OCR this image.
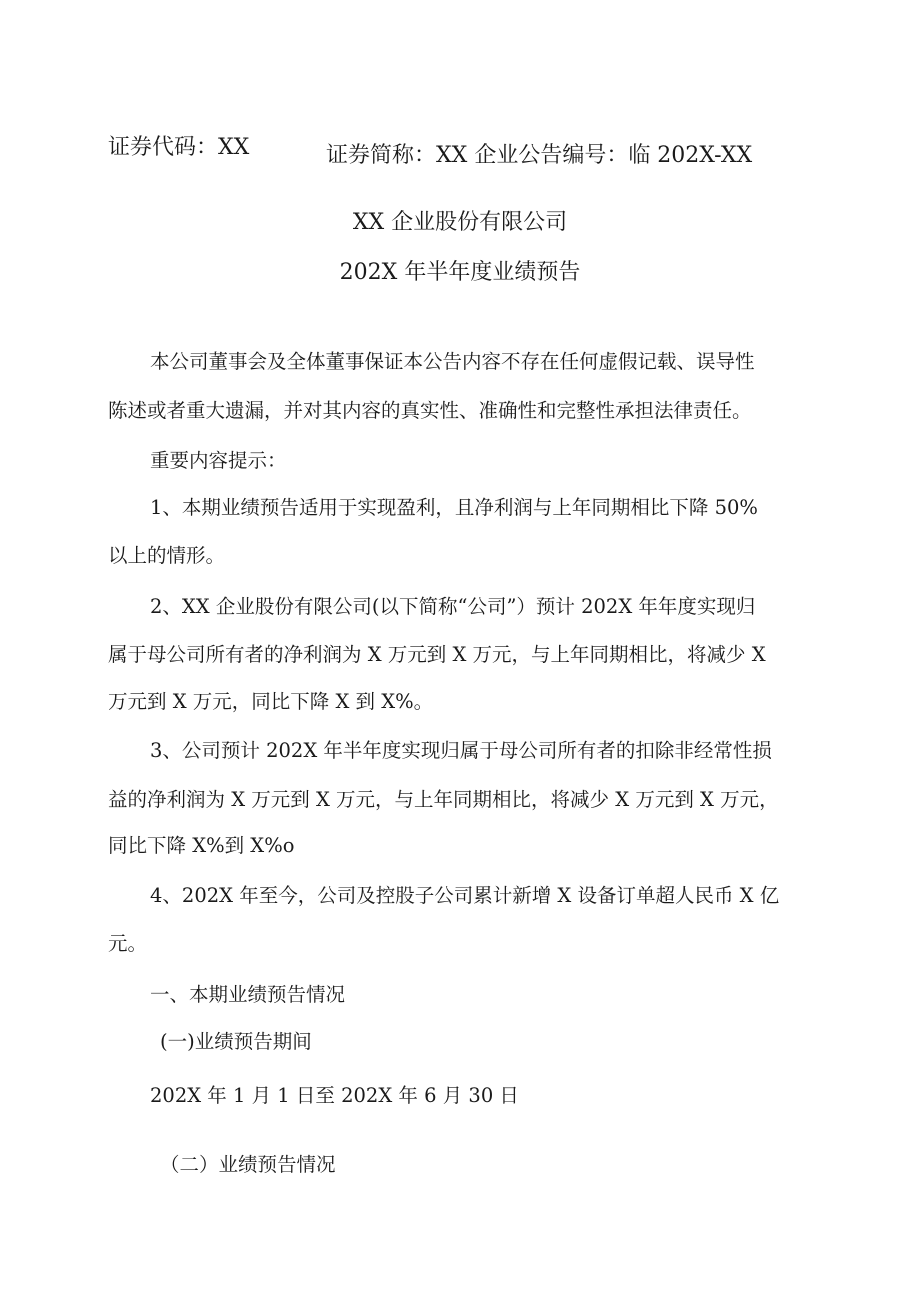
证券代码：XX	证券简称：XX 企业公告编号：临 202X-XX
XX 企业股份有限公司
202X 年半年度业绩预告
本公司董事会及全体董事保证本公告内容不存在任何虚假记载、误导性
陈述或者重大遗漏，并对其内容的真实性、准确性和完整性承担法律责任。
重要内容提示：
1、本期业绩预告适用于实现盈利，且净利润与上年同期相比下降 50%
以上的情形。
2、XX 企业股份有限公司(以下简称“公司”）预计 202X 年年度实现归
属于母公司所有者的净利润为 X 万元到 X 万元，与上年同期相比，将减少 X
万元到 X 万元，同比下降 X 到 X%。
3、公司预计 202X 年半年度实现归属于母公司所有者的扣除非经常性损
益的净利润为 X 万元到 X 万元，与上年同期相比，将减少 X 万元到 X 万元，
同比下降 X%到 X%o
4、202X 年至今，公司及控股子公司累计新增 X 设备订单超人民币 X 亿
元。
一、本期业绩预告情况
(一)业绩预告期间
202X 年 1 月 1 日至 202X 年 6 月 30 日
（二）业绩预告情况
